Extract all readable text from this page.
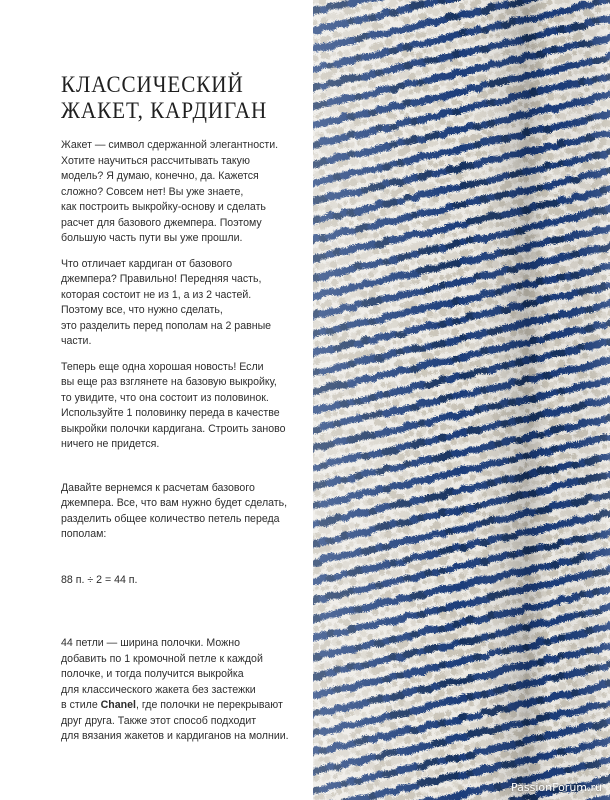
КЛАССИЧЕСКИЙ
ЖАКЕТ, КАРДИГАН
Жакет — символ сдержанной элегантности.
Хотите научиться рассчитывать такую
модель? Я думаю, конечно, да. Кажется
сложно? Совсем нет! Вы уже знаете,
как построить выкройку-основу и сделать
расчет для базового джемпера. Поэтому
большую часть пути вы уже прошли.
Что отличает кардиган от базового
джемпера? Правильно! Передняя часть,
которая состоит не из 1, а из 2 частей.
Поэтому все, что нужно сделать,
это разделить перед пополам на 2 равные
части.
Теперь еще одна хорошая новость! Если
вы еще раз взглянете на базовую выкройку,
то увидите, что она состоит из половинок.
Используйте 1 половинку переда в качестве
выкройки полочки кардигана. Строить заново
ничего не придется.
Давайте вернемся к расчетам базового
джемпера. Все, что вам нужно будет сделать,
разделить общее количество петель переда
пополам:
88 п. ÷ 2 = 44 п.
44 петли — ширина полочки. Можно
добавить по 1 кромочной петле к каждой
полочке, и тогда получится выкройка
для классического жакета без застежки
в стиле Chanel, где полочки не перекрывают
друг друга. Также этот способ подходит
для вязания жакетов и кардиганов на молнии.
PassionForum.ru
